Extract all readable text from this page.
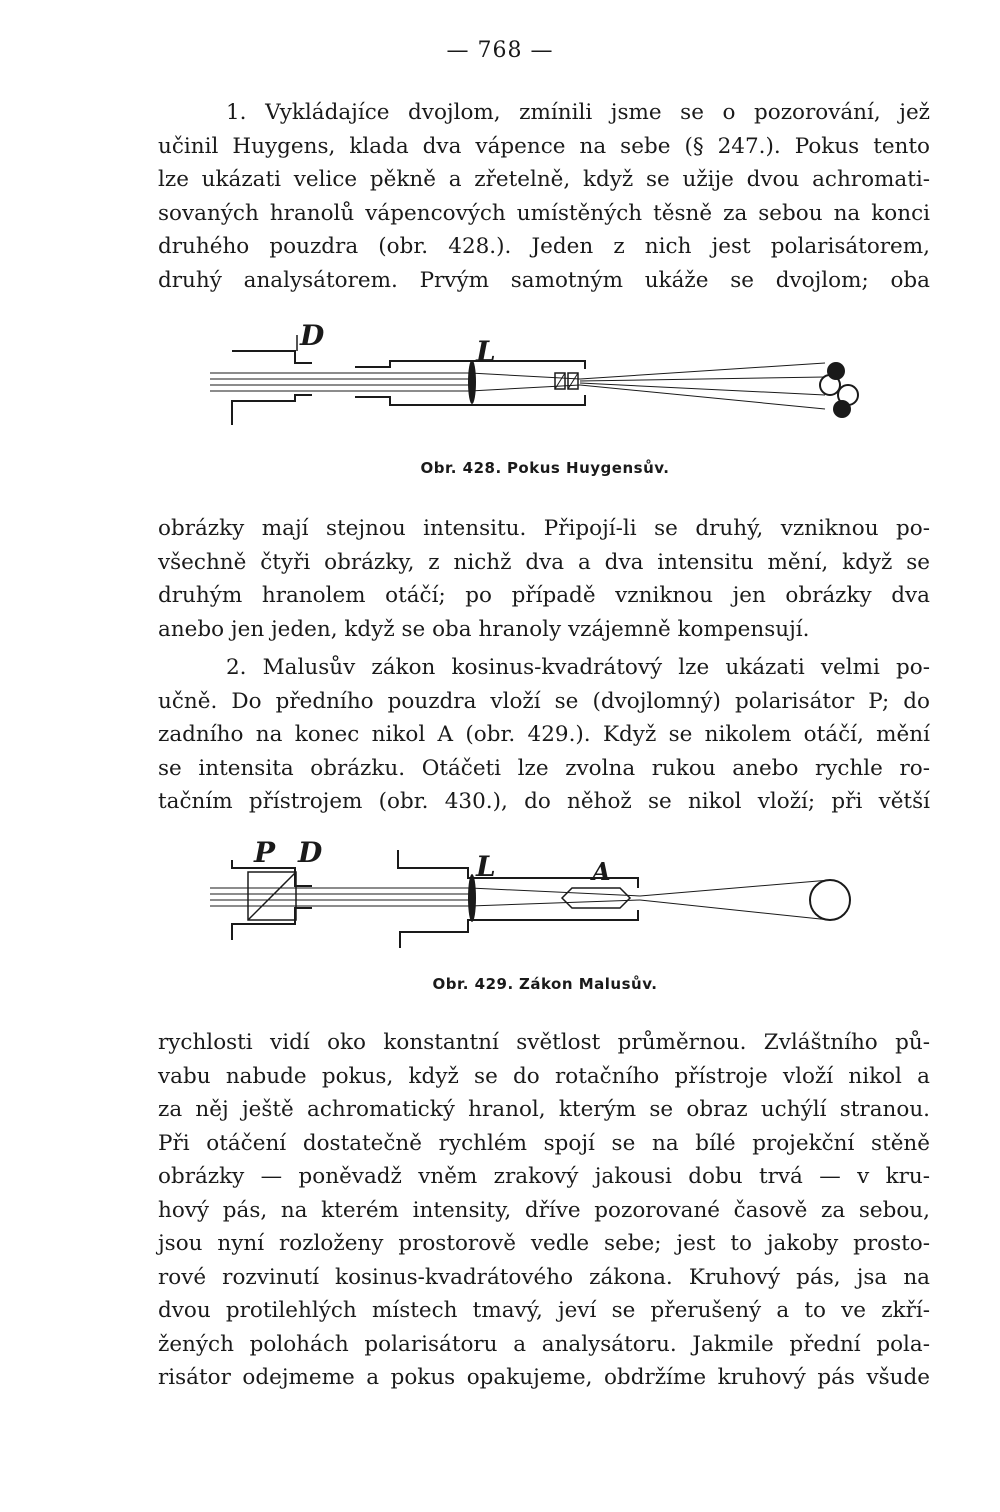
— 768 —
1. Vykládajíce dvojlom, zmínili jsme se o pozorování, jež
učinil Huygens, klada dva vápence na sebe (§ 247.). Pokus tento
lze ukázati velice pěkně a zřetelně, když se užije dvou achromati-
sovaných hranolů vápencových umístěných těsně za sebou na konci
druhého pouzdra (obr. 428.). Jeden z nich jest polarisátorem,
druhý analysátorem. Prvým samotným ukáže se dvojlom; oba
D	L
Obr. 428. Pokus Huygensův.
obrázky mají stejnou intensitu. Připojí-li se druhý, vzniknou po-
všechně čtyři obrázky, z nichž dva a dva intensitu mění, když se
druhým hranolem otáčí; po případě vzniknou jen obrázky dva
anebo jen jeden, když se oba hranoly vzájemně kompensují.
2. Malusův zákon kosinus-kvadrátový lze ukázati velmi po-
učně. Do předního pouzdra vloží se (dvojlomný) polarisátor P; do
zadního na konec nikol A (obr. 429.). Když se nikolem otáčí, mění
se intensita obrázku. Otáčeti lze zvolna rukou anebo rychle ro-
tačním přístrojem (obr. 430.), do něhož se nikol vloží; při větší
P D	L	A
Obr. 429. Zákon Malusův.
rychlosti vidí oko konstantní světlost průměrnou. Zvláštního pů-
vabu nabude pokus, když se do rotačního přístroje vloží nikol a
za něj ještě achromatický hranol, kterým se obraz uchýlí stranou.
Při otáčení dostatečně rychlém spojí se na bílé projekční stěně
obrázky — poněvadž vněm zrakový jakousi dobu trvá — v kru-
hový pás, na kterém intensity, dříve pozorované časově za sebou,
jsou nyní rozloženy prostorově vedle sebe; jest to jakoby prosto-
rové rozvinutí kosinus-kvadrátového zákona. Kruhový pás, jsa na
dvou protilehlých místech tmavý, jeví se přerušený a to ve zkří-
žených polohách polarisátoru a analysátoru. Jakmile přední pola-
risátor odejmeme a pokus opakujeme, obdržíme kruhový pás všude
